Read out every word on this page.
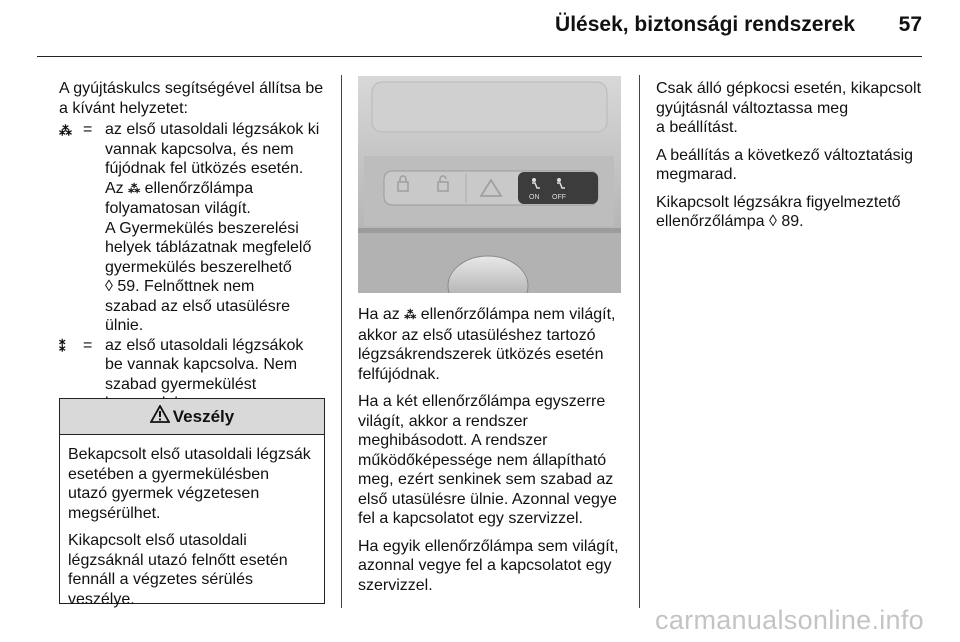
Ülések, biztonsági rendszerek 57

A gyújtáskulcs segítségével állítsa be a kívánt helyzetet:

⁂ = az első utasoldali légzsákok ki
vannak kapcsolva, és nem
fújódnak fel ütközés esetén.
Az ⁂ ellenőrzőlámpa
folyamatosan világít.
A Gyermekülés beszerelési
helyek táblázatnak megfelelő
gyermekülés beszerelhető
◊ 59. Felnőttnek nem
szabad az első utasülésre
ülnie.
⁑	= az első utasoldali légzsákok
be vannak kapcsolva. Nem
szabad gyermekülést

Veszély

Bekapcsolt első utasoldali légzsák
esetében a gyermekülésben
utazó gyermek végzetesen
megsérülhet.

Kikapcsolt első utasoldali
légzsáknál utazó felnőtt esetén
fennáll a végzetes sérülés
veszélye.

ON OFF

Ha az ⁂ ellenőrzőlámpa nem világít,
akkor az első utasüléshez tartozó
légzsákrendszerek ütközés esetén
felfújódnak.

Ha a két ellenőrzőlámpa egyszerre
világít, akkor a rendszer
meghibásodott. A rendszer
működőképessége nem állapítható
meg, ezért senkinek sem szabad az
első utasülésre ülnie. Azonnal vegye
fel a kapcsolatot egy szervizzel.

Ha egyik ellenőrzőlámpa sem világít,
azonnal vegye fel a kapcsolatot egy
szervizzel.

Csak álló gépkocsi esetén, kikapcsolt
gyújtásnál változtassa meg
a beállítást.

A beállítás a következő változtatásig
megmarad.

Kikapcsolt légzsákra figyelmeztető
ellenőrzőlámpa ◊ 89.

carmanualsonline.info
